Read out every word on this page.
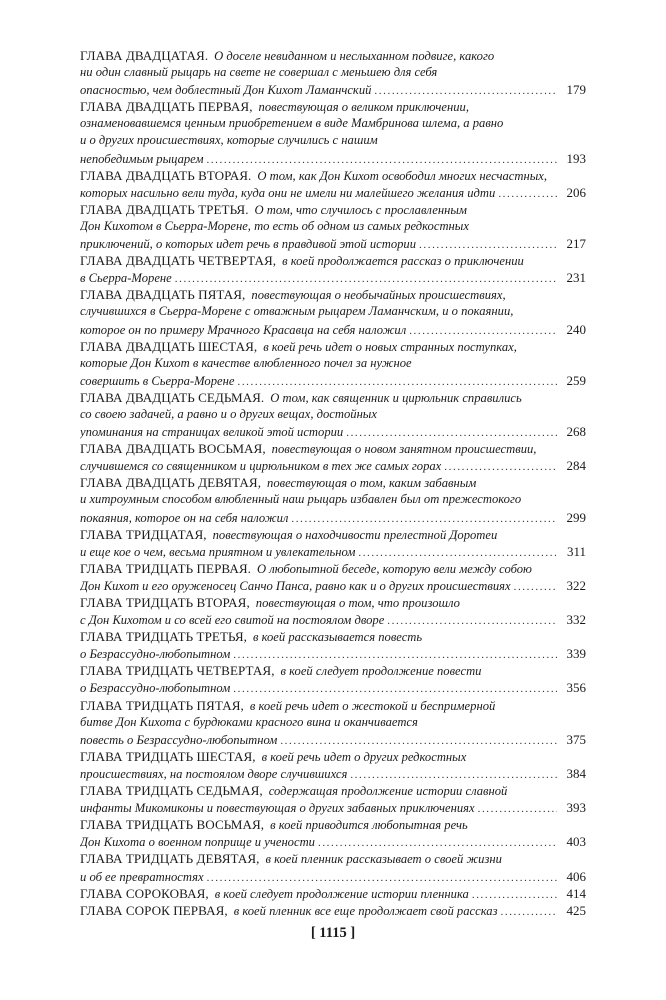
ГЛАВА ДВАДЦАТАЯ. О доселе невиданном и неслыханном подвиге, какого
ни один славный рыцарь на свете не совершал с меньшею для себя
опасностью, чем доблестный Дон Кихот Ламанчский .....	179
ГЛАВА ДВАДЦАТЬ ПЕРВАЯ, повествующая о великом приключении,
ознаменовавшемся ценным приобретением в виде Мамбринова шлема, а равно
и о других происшествиях, которые случились с нашим
непобедимым рыцарем .....	193
ГЛАВА ДВАДЦАТЬ ВТОРАЯ. О том, как Дон Кихот освободил многих несчастных,
которых насильно вели туда, куда они не имели ни малейшего желания идти .....	206
ГЛАВА ДВАДЦАТЬ ТРЕТЬЯ. О том, что случилось с прославленным
Дон Кихотом в Сьерра-Морене, то есть об одном из самых редкостных
приключений, о которых идет речь в правдивой этой истории .....	217
ГЛАВА ДВАДЦАТЬ ЧЕТВЕРТАЯ, в коей продолжается рассказ о приключении
в Сьерра-Морене .....	231
ГЛАВА ДВАДЦАТЬ ПЯТАЯ, повествующая о необычайных происшествиях,
случившихся в Сьерра-Морене с отважным рыцарем Ламанчским, и о покаянии,
которое он по примеру Мрачного Красавца на себя наложил .....	240
ГЛАВА ДВАДЦАТЬ ШЕСТАЯ, в коей речь идет о новых странных поступках,
которые Дон Кихот в качестве влюбленного почел за нужное
совершить в Сьерра-Морене .....	259
ГЛАВА ДВАДЦАТЬ СЕДЬМАЯ. О том, как священник и цирюльник справились
со своею задачей, а равно и о других вещах, достойных
упоминания на страницах великой этой истории .....	268
ГЛАВА ДВАДЦАТЬ ВОСЬМАЯ, повествующая о новом занятном происшествии,
случившемся со священником и цирюльником в тех же самых горах .....	284
ГЛАВА ДВАДЦАТЬ ДЕВЯТАЯ, повествующая о том, каким забавным
и хитроумным способом влюбленный наш рыцарь избавлен был от прежестокого
покаяния, которое он на себя наложил .....	299
ГЛАВА ТРИДЦАТАЯ, повествующая о находчивости прелестной Доротеи
и еще кое о чем, весьма приятном и увлекательном .....	311
ГЛАВА ТРИДЦАТЬ ПЕРВАЯ. О любопытной беседе, которую вели между собою
Дон Кихот и его оруженосец Санчо Панса, равно как и о других происшествиях .....	322
ГЛАВА ТРИДЦАТЬ ВТОРАЯ, повествующая о том, что произошло
с Дон Кихотом и со всей его свитой на постоялом дворе .....	332
ГЛАВА ТРИДЦАТЬ ТРЕТЬЯ, в коей рассказывается повесть
о Безрассудно-любопытном .....	339
ГЛАВА ТРИДЦАТЬ ЧЕТВЕРТАЯ, в коей следует продолжение повести
о Безрассудно-любопытном .....	356
ГЛАВА ТРИДЦАТЬ ПЯТАЯ, в коей речь идет о жестокой и беспримерной
битве Дон Кихота с бурдюками красного вина и оканчивается
повесть о Безрассудно-любопытном .....	375
ГЛАВА ТРИДЦАТЬ ШЕСТАЯ, в коей речь идет о других редкостных
происшествиях, на постоялом дворе случившихся .....	384
ГЛАВА ТРИДЦАТЬ СЕДЬМАЯ, содержащая продолжение истории славной
инфанты Микомиконы и повествующая о других забавных приключениях .....	393
ГЛАВА ТРИДЦАТЬ ВОСЬМАЯ, в коей приводится любопытная речь
Дон Кихота о военном поприще и учености .....	403
ГЛАВА ТРИДЦАТЬ ДЕВЯТАЯ, в коей пленник рассказывает о своей жизни
и об ее превратностях .....	406
ГЛАВА СОРОКОВАЯ, в коей следует продолжение истории пленника .....	414
ГЛАВА СОРОК ПЕРВАЯ, в коей пленник все еще продолжает свой рассказ .....	425
[ 1115 ]
